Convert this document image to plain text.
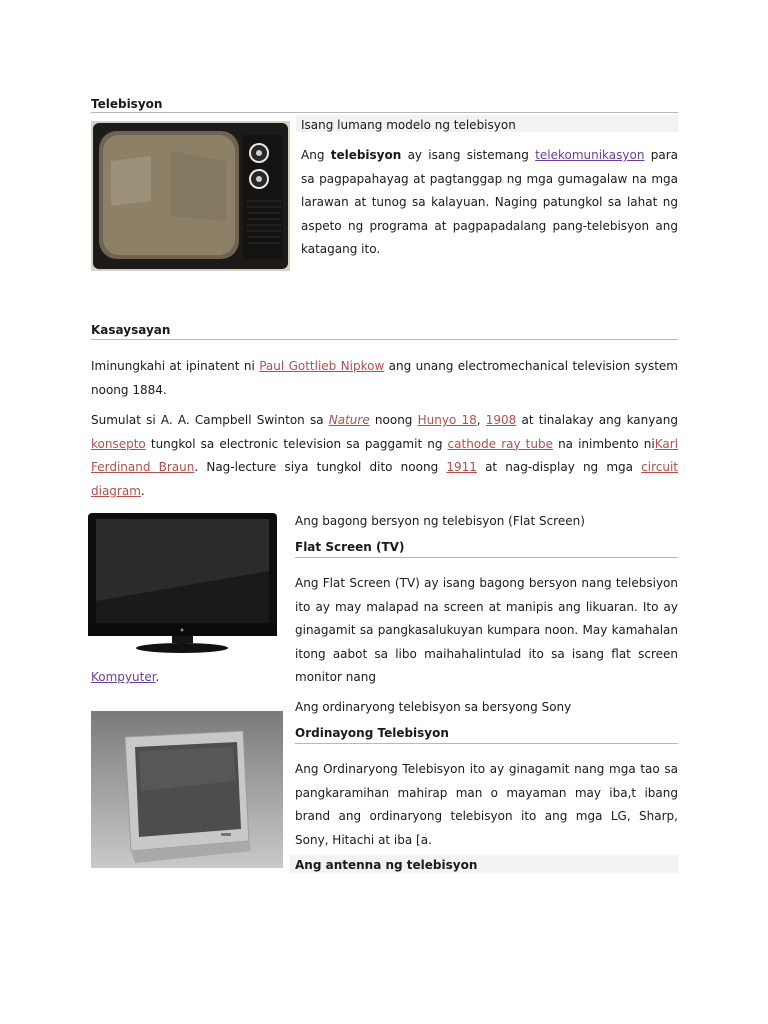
Telebisyon
Isang lumang modelo ng telebisyon
Ang telebisyon ay isang sistemang telekomunikasyon para sa pagpapahayag at pagtanggap ng mga gumagalaw na mga larawan at tunog sa kalayuan. Naging patungkol sa lahat ng aspeto ng programa at pagpapadalang pang-telebisyon ang katagang ito.
Kasaysayan
Iminungkahi at ipinatent ni Paul Gottlieb Nipkow ang unang electromechanical television system noong 1884.
Sumulat si A. A. Campbell Swinton sa Nature noong Hunyo 18, 1908 at tinalakay ang kanyang konsepto tungkol sa electronic television sa paggamit ng cathode ray tube na inimbento niKarl Ferdinand Braun. Nag-lecture siya tungkol dito noong 1911 at nag-display ng mga circuit diagram.
Ang bagong bersyon ng telebisyon (Flat Screen)
Flat Screen (TV)
Ang Flat Screen (TV) ay isang bagong bersyon nang telebsiyon ito ay may malapad na screen at manipis ang likuaran. Ito ay ginagamit sa pangkasalukuyan kumpara noon. May kamahalan itong aabot sa libo maihahalintulad ito sa isang flat screen monitor nang
Kompyuter.
Ang ordinaryong telebisyon sa bersyong Sony
Ordinayong Telebisyon
Ang Ordinaryong Telebisyon ito ay ginagamit nang mga tao sa pangkaramihan mahirap man o mayaman may iba,t ibang brand ang ordinaryong telebisyon ito ang mga LG, Sharp, Sony, Hitachi at iba [a.
Ang antenna ng telebisyon
